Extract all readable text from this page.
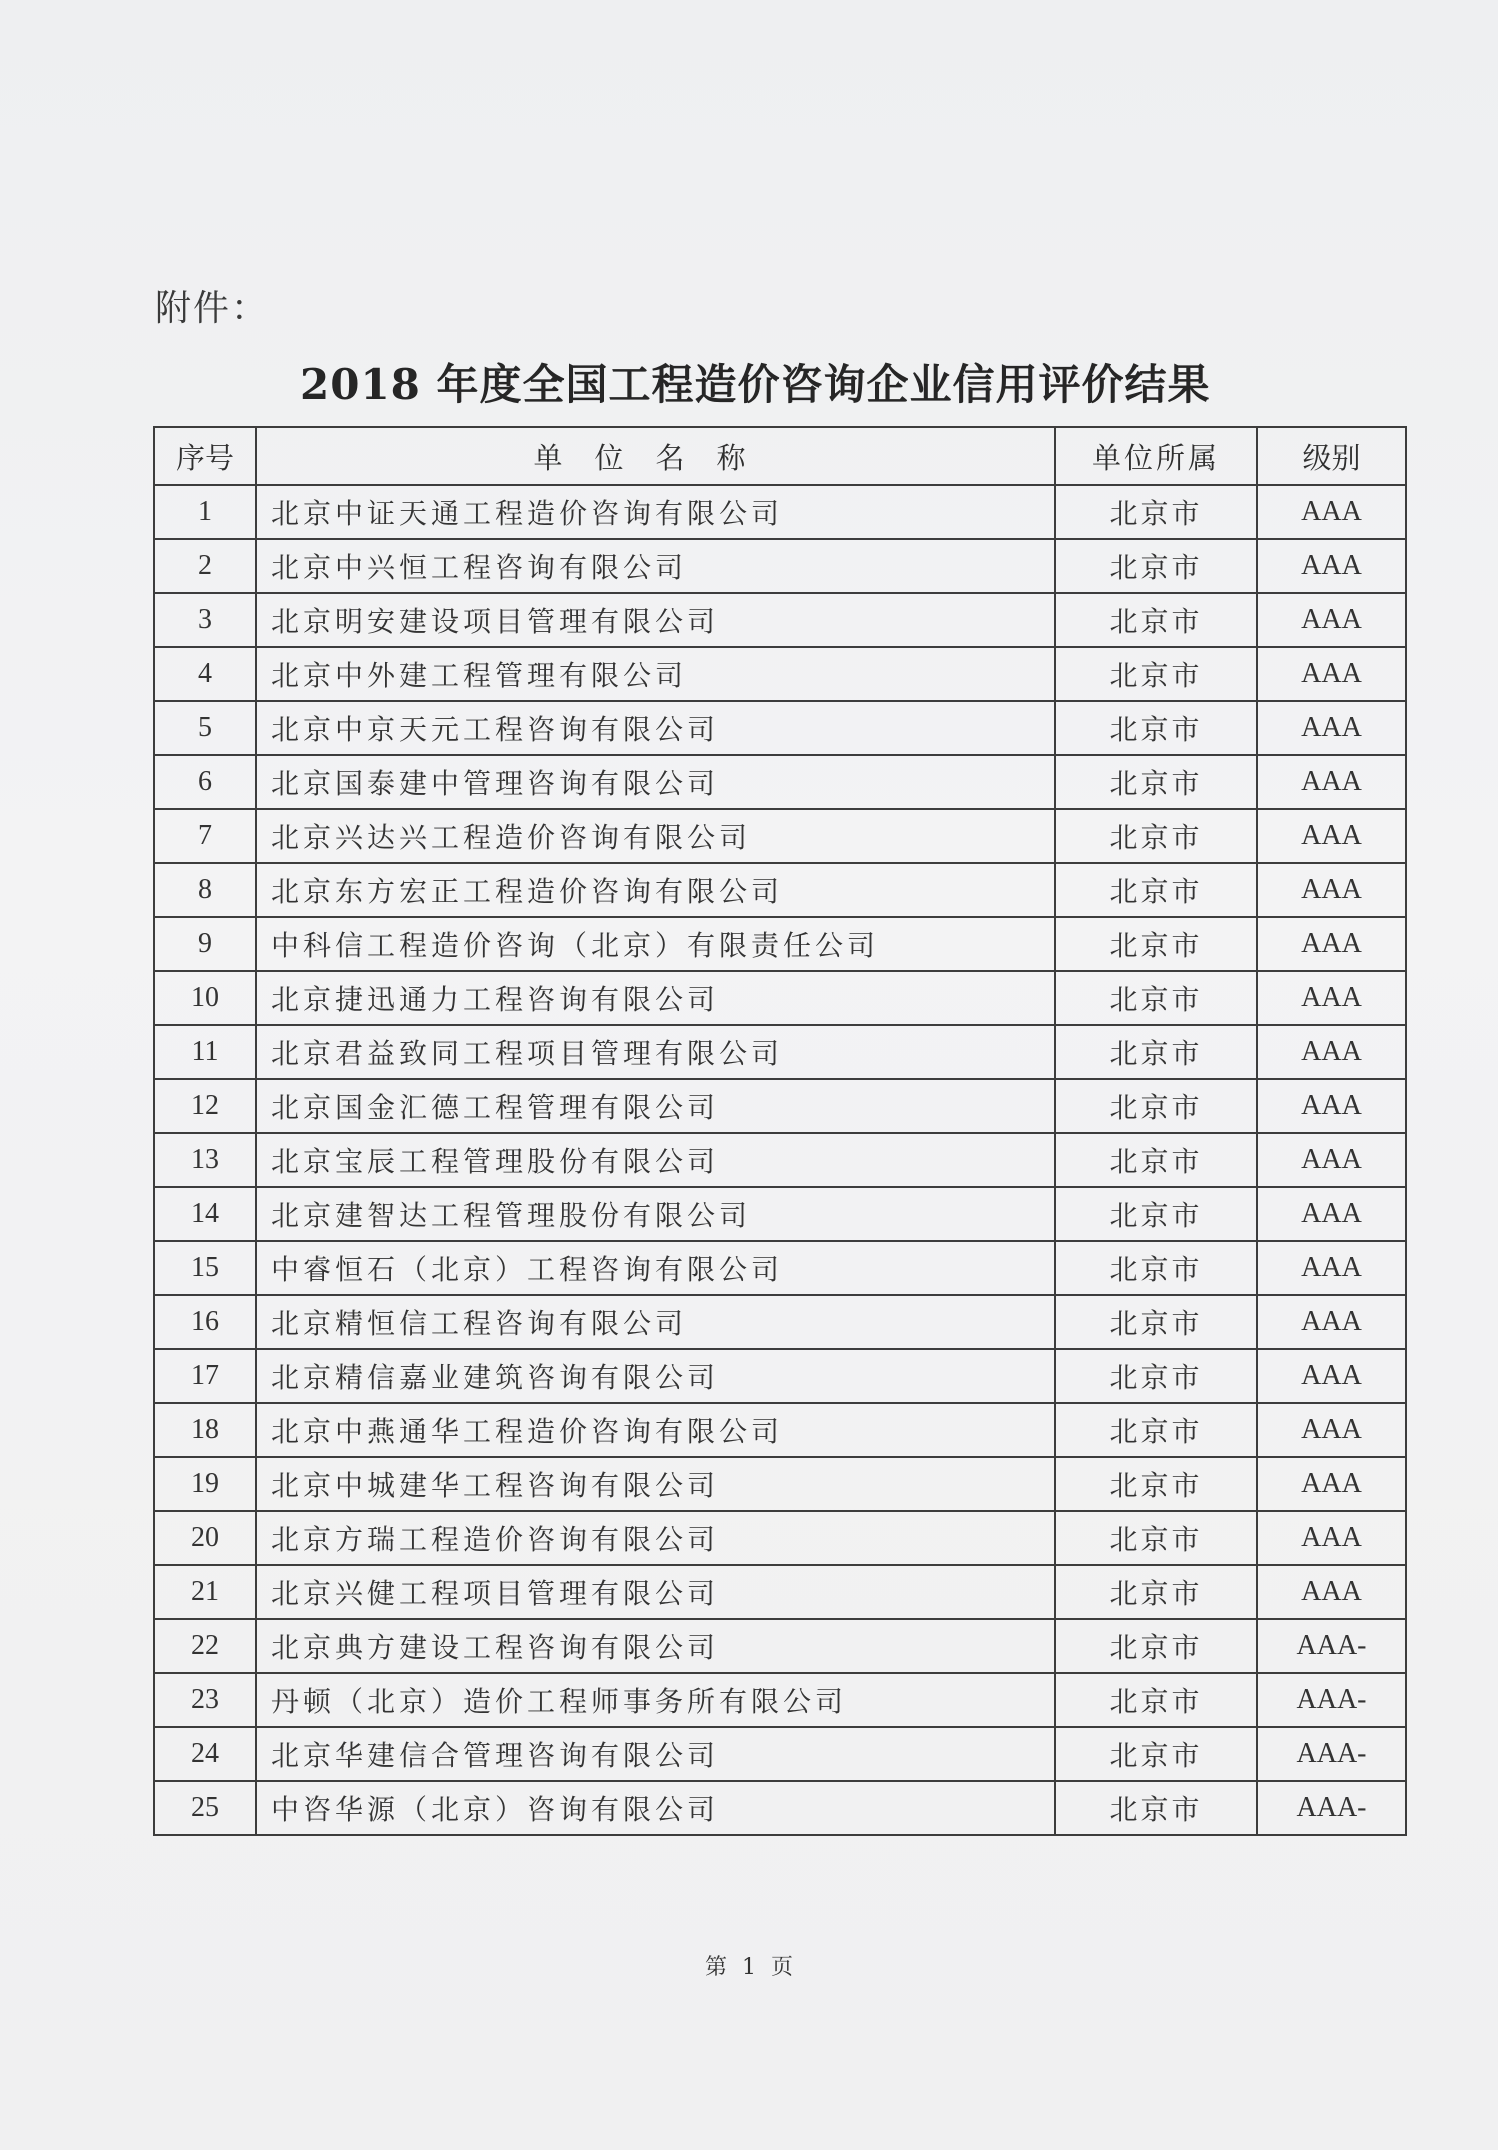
附件：
2018 年度全国工程造价咨询企业信用评价结果
序号	单位名称	单位所属	级别
1	北京中证天通工程造价咨询有限公司	北京市	AAA
2	北京中兴恒工程咨询有限公司	北京市	AAA
3	北京明安建设项目管理有限公司	北京市	AAA
4	北京中外建工程管理有限公司	北京市	AAA
5	北京中京天元工程咨询有限公司	北京市	AAA
6	北京国泰建中管理咨询有限公司	北京市	AAA
7	北京兴达兴工程造价咨询有限公司	北京市	AAA
8	北京东方宏正工程造价咨询有限公司	北京市	AAA
9	中科信工程造价咨询（北京）有限责任公司	北京市	AAA
10	北京捷迅通力工程咨询有限公司	北京市	AAA
11	北京君益致同工程项目管理有限公司	北京市	AAA
12	北京国金汇德工程管理有限公司	北京市	AAA
13	北京宝辰工程管理股份有限公司	北京市	AAA
14	北京建智达工程管理股份有限公司	北京市	AAA
15	中睿恒石（北京）工程咨询有限公司	北京市	AAA
16	北京精恒信工程咨询有限公司	北京市	AAA
17	北京精信嘉业建筑咨询有限公司	北京市	AAA
18	北京中燕通华工程造价咨询有限公司	北京市	AAA
19	北京中城建华工程咨询有限公司	北京市	AAA
20	北京方瑞工程造价咨询有限公司	北京市	AAA
21	北京兴健工程项目管理有限公司	北京市	AAA
22	北京典方建设工程咨询有限公司	北京市	AAA-
23	丹顿（北京）造价工程师事务所有限公司	北京市	AAA-
24	北京华建信合管理咨询有限公司	北京市	AAA-
25	中咨华源（北京）咨询有限公司	北京市	AAA-
第 1 页
